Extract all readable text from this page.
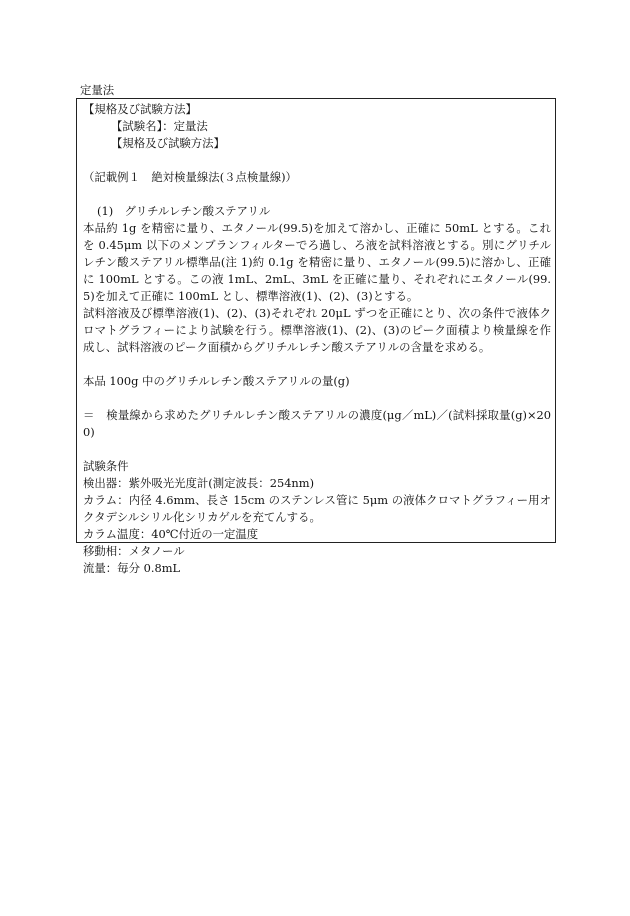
定量法
【規格及び試験方法】
【試験名】：定量法
【規格及び試験方法】
（記載例１　絶対検量線法(３点検量線)）
(1)　グリチルレチン酸ステアリル
本品約 1g を精密に量り、エタノール(99.5)を加えて溶かし、正確に 50mL とする。これを 0.45μm 以下のメンブランフィルターでろ過し、ろ液を試料溶液とする。別にグリチルレチン酸ステアリル標準品(注 1)約 0.1g を精密に量り、エタノール(99.5)に溶かし、正確に 100mL とする。この液 1mL、2mL、3mL を正確に量り、それぞれにエタノール(99.5)を加えて正確に 100mL とし、標準溶液(1)、(2)、(3)とする。
試料溶液及び標準溶液(1)、(2)、(3)それぞれ 20μL ずつを正確にとり、次の条件で液体クロマトグラフィーにより試験を行う。標準溶液(1)、(2)、(3)のピーク面積より検量線を作成し、試料溶液のピーク面積からグリチルレチン酸ステアリルの含量を求める。
本品 100g 中のグリチルレチン酸ステアリルの量(g)
＝　検量線から求めたグリチルレチン酸ステアリルの濃度(μg／mL)／(試料採取量(g)×200)
試験条件
検出器：紫外吸光光度計(測定波長：254nm)
カラム：内径 4.6mm、長さ 15cm のステンレス管に 5μm の液体クロマトグラフィー用オクタデシルシリル化シリカゲルを充てんする。
カラム温度：40℃付近の一定温度
移動相：メタノール
流量：毎分 0.8mL
